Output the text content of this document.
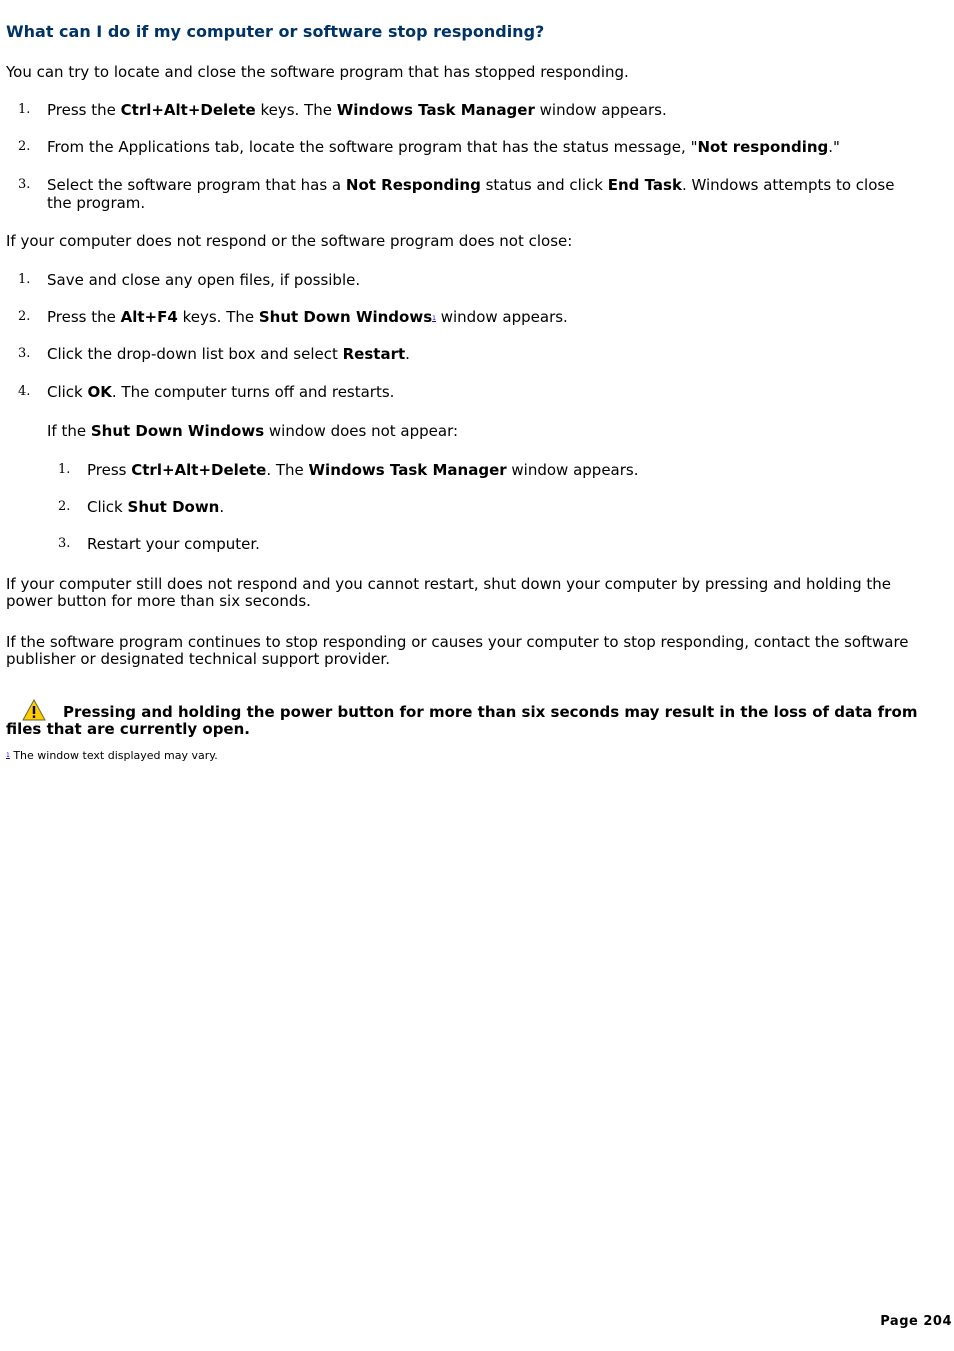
What can I do if my computer or software stop responding?

You can try to locate and close the software program that has stopped responding.

1. Press the Ctrl+Alt+Delete keys. The Windows Task Manager window appears.
2. From the Applications tab, locate the software program that has the status message, "Not responding."
3. Select the software program that has a Not Responding status and click End Task. Windows attempts to close the program.

If your computer does not respond or the software program does not close:

1. Save and close any open files, if possible.
2. Press the Alt+F4 keys. The Shut Down Windows1 window appears.
3. Click the drop-down list box and select Restart.
4. Click OK. The computer turns off and restarts.
If the Shut Down Windows window does not appear:
1. Press Ctrl+Alt+Delete. The Windows Task Manager window appears.
2. Click Shut Down.
3. Restart your computer.

If your computer still does not respond and you cannot restart, shut down your computer by pressing and holding the power button for more than six seconds.

If the software program continues to stop responding or causes your computer to stop responding, contact the software publisher or designated technical support provider.

Pressing and holding the power button for more than six seconds may result in the loss of data from files that are currently open.
1 The window text displayed may vary.
Page 204
